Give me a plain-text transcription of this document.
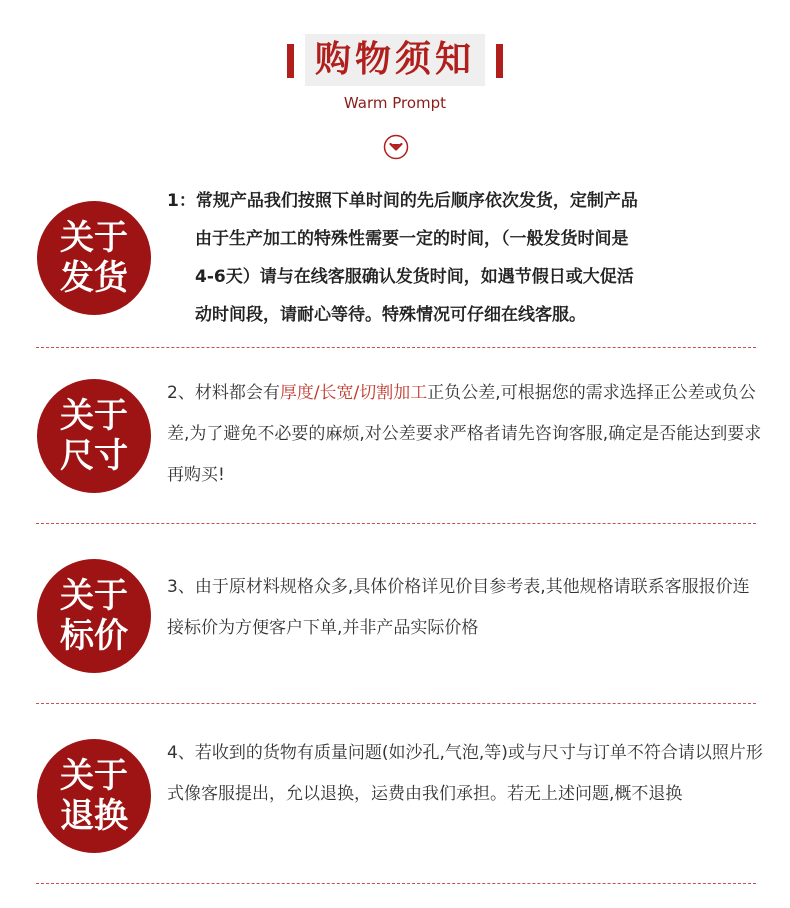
购物须知
Warm Prompt
关于
发货
1：常规产品我们按照下单时间的先后顺序依次发货，定制产品
由于生产加工的特殊性需要一定的时间，（一般发货时间是
4-6天）请与在线客服确认发货时间，如遇节假日或大促活
动时间段，请耐心等待。特殊情况可仔细在线客服。
关于
尺寸
2、材料都会有厚度/长宽/切割加工正负公差,可根据您的需求选择正公差或负公差,为了避免不必要的麻烦,对公差要求严格者请先咨询客服,确定是否能达到要求再购买!
关于
标价
3、由于原材料规格众多,具体价格详见价目参考表,其他规格请联系客服报价连接标价为方便客户下单,并非产品实际价格
关于
退换
4、若收到的货物有质量问题(如沙孔,气泡,等)或与尺寸与订单不符合请以照片形式像客服提出，允以退换，运费由我们承担。若无上述问题,概不退换
